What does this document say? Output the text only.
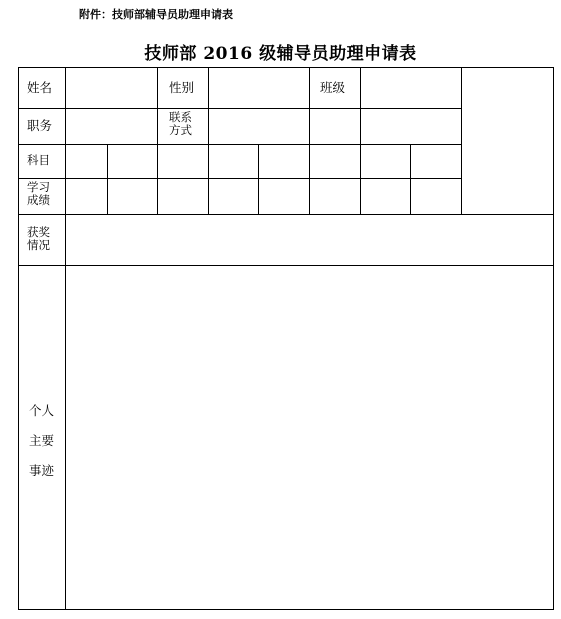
附件：技师部辅导员助理申请表
技师部 2016 级辅导员助理申请表
姓名	性别	班级
职务
联系
方式
科目
学习
成绩
获奖
情况
个人
主要
事迹
